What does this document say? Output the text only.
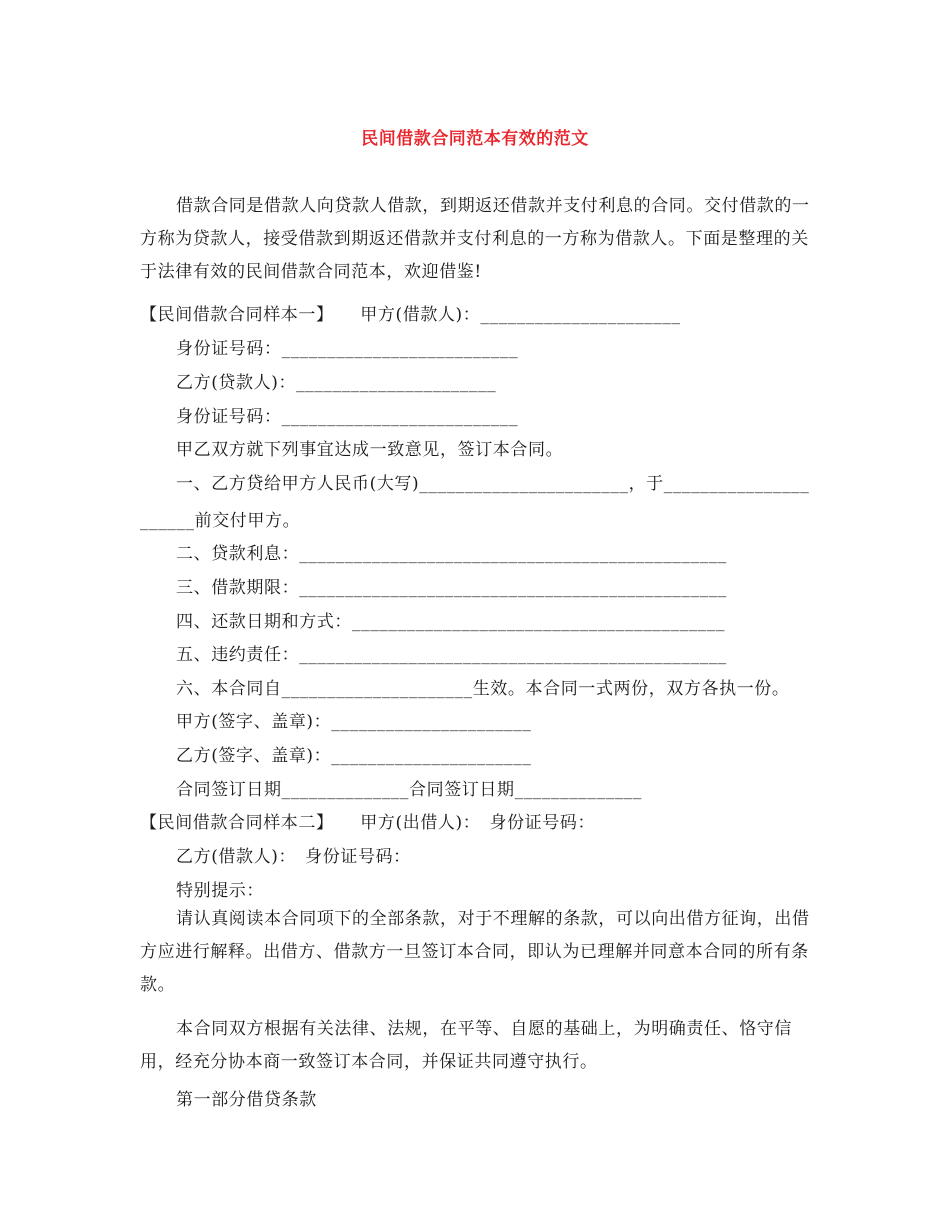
民间借款合同范本有效的范文
借款合同是借款人向贷款人借款，到期返还借款并支付利息的合同。交付借款的一方称为贷款人，接受借款到期返还借款并支付利息的一方称为借款人。下面是整理的关于法律有效的民间借款合同范本，欢迎借鉴!
【民间借款合同样本一】　　甲方(借款人)：______________________
身份证号码：__________________________
乙方(贷款人)：______________________
身份证号码：__________________________
甲乙双方就下列事宜达成一致意见，签订本合同。
一、乙方贷给甲方人民币(大写)_______________________，于________________
______前交付甲方。
二、贷款利息：_______________________________________________
三、借款期限：_______________________________________________
四、还款日期和方式：_________________________________________
五、违约责任：_______________________________________________
六、本合同自_____________________生效。本合同一式两份，双方各执一份。
甲方(签字、盖章)：______________________
乙方(签字、盖章)：______________________
合同签订日期______________合同签订日期______________
【民间借款合同样本二】　　甲方(出借人)：　身份证号码：
乙方(借款人)：　身份证号码：
特别提示：
请认真阅读本合同项下的全部条款，对于不理解的条款，可以向出借方征询，出借方应进行解释。出借方、借款方一旦签订本合同，即认为已理解并同意本合同的所有条款。
本合同双方根据有关法律、法规，在平等、自愿的基础上，为明确责任、恪守信用，经充分协本商一致签订本合同，并保证共同遵守执行。
第一部分借贷条款
